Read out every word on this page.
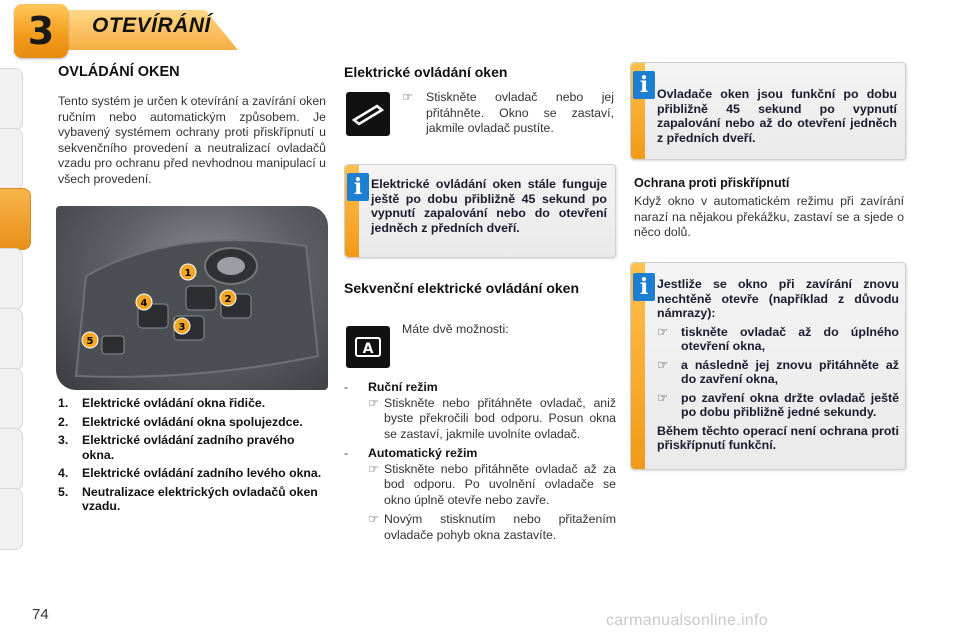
3 OTEVÍRÁNÍ
OVLÁDÁNÍ OKEN
Tento systém je určen k otevírání a zavírání oken ručním nebo automatickým způsobem. Je vybavený systémem ochrany proti přiskřípnutí u sekvenčního provedení a neutralizací ovladačů vzadu pro ochranu před nevhodnou manipulací u všech provedení.
1
2
3
4
5
1.	Elektrické ovládání okna řidiče.
2.	Elektrické ovládání okna spolujezdce.
3.	Elektrické ovládání zadního pravého okna.
4.	Elektrické ovládání zadního levého okna.
5.	Neutralizace elektrických ovladačů oken vzadu.
Elektrické ovládání oken
☞	Stiskněte ovladač nebo jej přitáhněte. Okno se zastaví, jakmile ovladač pustíte.
i Elektrické ovládání oken stále funguje ještě po dobu přibližně 45 sekund po vypnutí zapalování nebo do otevření jedněch z předních dveří.
Sekvenční elektrické ovládání oken
A
Máte dvě možnosti:
-	Ruční režim
☞ Stiskněte nebo přitáhněte ovladač, aniž byste překročili bod odporu. Posun okna se zastaví, jakmile uvolníte ovladač.
-	Automatický režim
☞ Stiskněte nebo přitáhněte ovladač až za bod odporu. Po uvolnění ovladače se okno úplně otevře nebo zavře.
☞ Novým stisknutím nebo přitažením ovladače pohyb okna zastavíte.
i Ovladače oken jsou funkční po dobu přibližně 45 sekund po vypnutí zapalování nebo až do otevření jedněch z předních dveří.
Ochrana proti přiskřípnutí
Když okno v automatickém režimu při zavírání narazí na nějakou překážku, zastaví se a sjede o něco dolů.
i Jestliže se okno při zavírání znovu nechtěně otevře (například z důvodu námrazy):
☞	tiskněte ovladač až do úplného otevření okna,
☞	a následně jej znovu přitáhněte až do zavření okna,
☞	po zavření okna držte ovladač ještě po dobu přibližně jedné sekundy.
Během těchto operací není ochrana proti přiskřípnutí funkční.
74	carmanualsonline.info
